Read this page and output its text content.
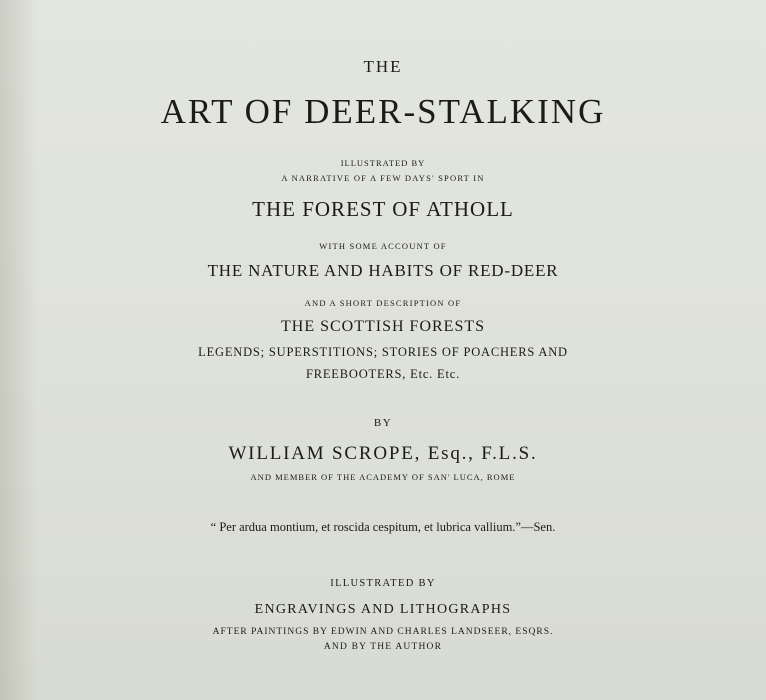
THE
ART OF DEER-STALKING
ILLUSTRATED BY
A NARRATIVE OF A FEW DAYS' SPORT IN
THE FOREST OF ATHOLL
WITH SOME ACCOUNT OF
THE NATURE AND HABITS OF RED-DEER
AND A SHORT DESCRIPTION OF
THE SCOTTISH FORESTS
LEGENDS; SUPERSTITIONS; STORIES OF POACHERS AND
FREEBOOTERS, Etc. Etc.
BY
WILLIAM SCROPE, Esq., F.L.S.
AND MEMBER OF THE ACADEMY OF SAN' LUCA, ROME
“ Per ardua montium, et roscida cespitum, et lubrica vallium.”—Sen.
ILLUSTRATED BY
ENGRAVINGS AND LITHOGRAPHS
AFTER PAINTINGS BY EDWIN AND CHARLES LANDSEER, ESQRS.
AND BY THE AUTHOR
